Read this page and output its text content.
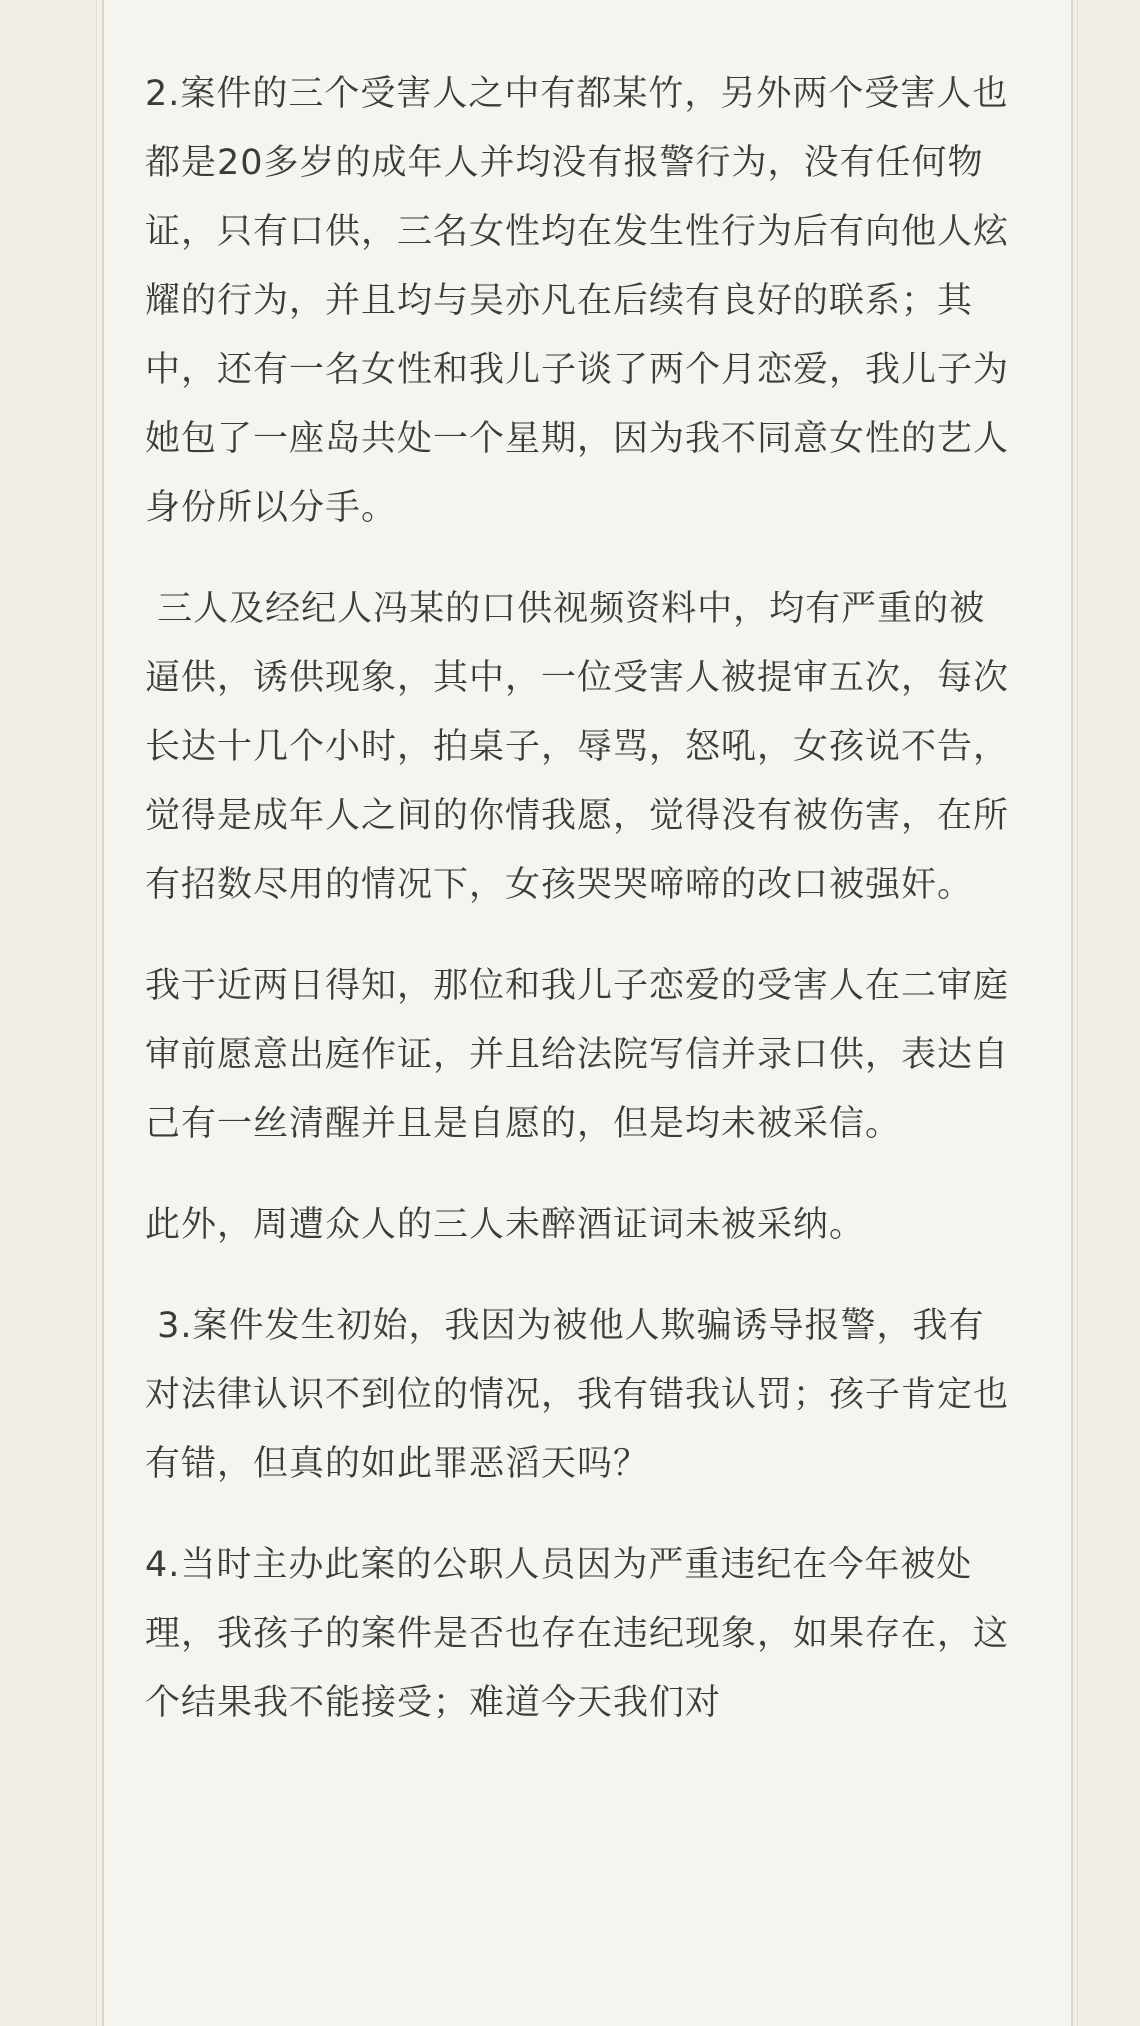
2.案件的三个受害人之中有都某竹，另外两个受害人也都是20多岁的成年人并均没有报警行为，没有任何物证，只有口供，三名女性均在发生性行为后有向他人炫耀的行为，并且均与吴亦凡在后续有良好的联系；其中，还有一名女性和我儿子谈了两个月恋爱，我儿子为她包了一座岛共处一个星期，因为我不同意女性的艺人身份所以分手。

三人及经纪人冯某的口供视频资料中，均有严重的被逼供，诱供现象，其中，一位受害人被提审五次，每次长达十几个小时，拍桌子，辱骂，怒吼，女孩说不告，觉得是成年人之间的你情我愿，觉得没有被伤害，在所有招数尽用的情况下，女孩哭哭啼啼的改口被强奸。

我于近两日得知，那位和我儿子恋爱的受害人在二审庭审前愿意出庭作证，并且给法院写信并录口供，表达自己有一丝清醒并且是自愿的，但是均未被采信。

此外，周遭众人的三人未醉酒证词未被采纳。

3.案件发生初始，我因为被他人欺骗诱导报警，我有对法律认识不到位的情况，我有错我认罚；孩子肯定也有错，但真的如此罪恶滔天吗？

4.当时主办此案的公职人员因为严重违纪在今年被处理，我孩子的案件是否也存在违纪现象，如果存在，这个结果我不能接受；难道今天我们对
